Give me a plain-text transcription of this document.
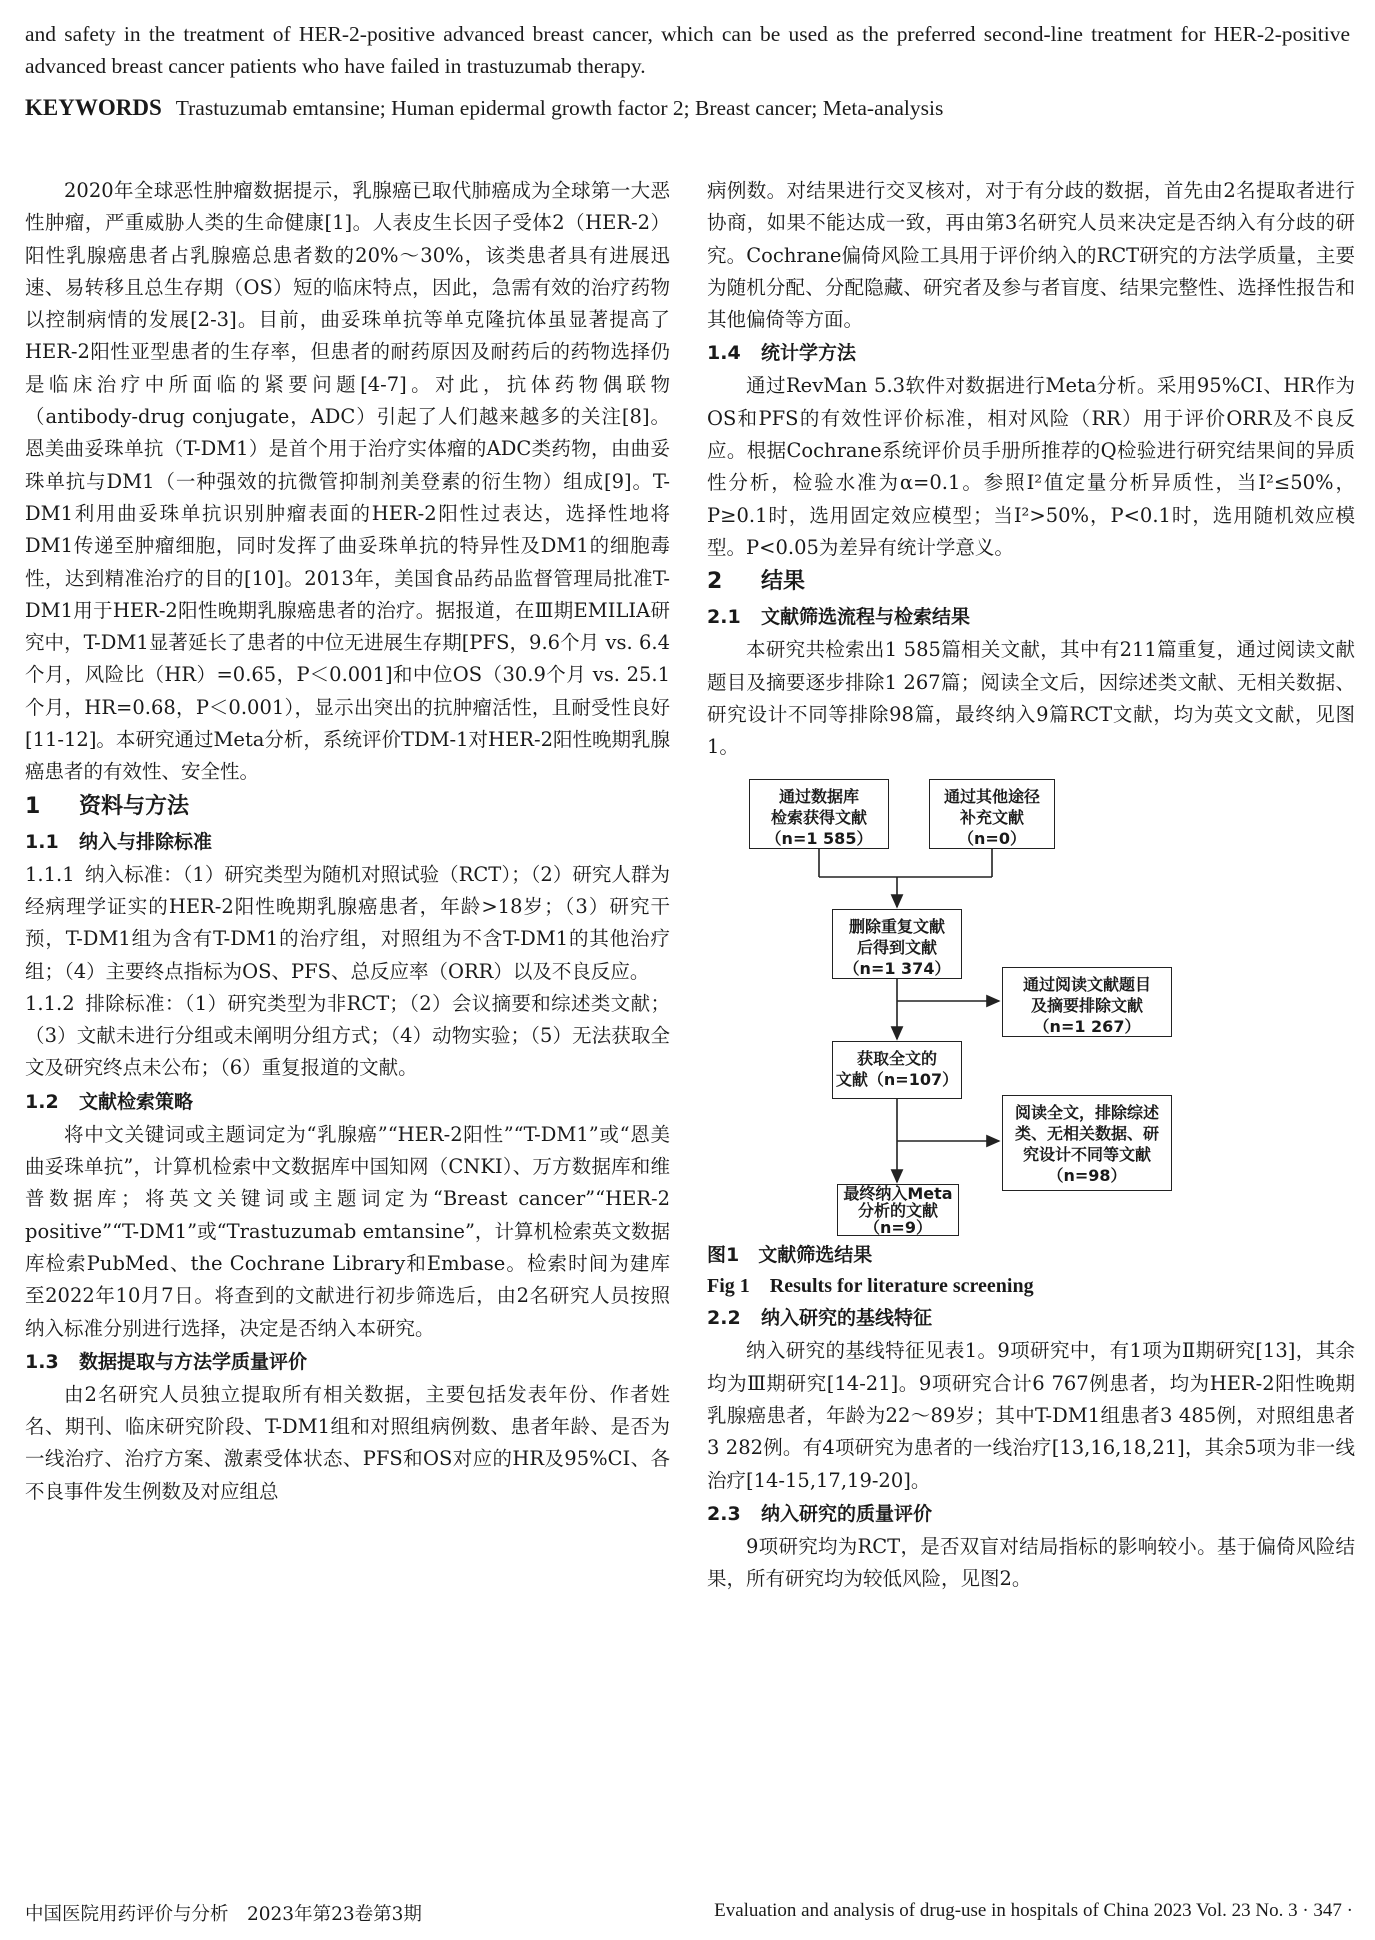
and safety in the treatment of HER-2-positive advanced breast cancer, which can be used as the preferred second-line treatment for HER-2-positive advanced breast cancer patients who have failed in trastuzumab therapy.
KEYWORDS Trastuzumab emtansine; Human epidermal growth factor 2; Breast cancer; Meta-analysis

2020年全球恶性肿瘤数据提示，乳腺癌已取代肺癌成为全球第一大恶性肿瘤，严重威胁人类的生命健康[1]。人表皮生长因子受体2（HER-2）阳性乳腺癌患者占乳腺癌总患者数的20%～30%，该类患者具有进展迅速、易转移且总生存期（OS）短的临床特点，因此，急需有效的治疗药物以控制病情的发展[2-3]。目前，曲妥珠单抗等单克隆抗体虽显著提高了HER-2阳性亚型患者的生存率，但患者的耐药原因及耐药后的药物选择仍是临床治疗中所面临的紧要问题[4-7]。对此，抗体药物偶联物（antibody-drug conjugate，ADC）引起了人们越来越多的关注[8]。恩美曲妥珠单抗（T-DM1）是首个用于治疗实体瘤的ADC类药物，由曲妥珠单抗与DM1（一种强效的抗微管抑制剂美登素的衍生物）组成[9]。T-DM1利用曲妥珠单抗识别肿瘤表面的HER-2阳性过表达，选择性地将DM1传递至肿瘤细胞，同时发挥了曲妥珠单抗的特异性及DM1的细胞毒性，达到精准治疗的目的[10]。2013年，美国食品药品监督管理局批准T-DM1用于HER-2阳性晚期乳腺癌患者的治疗。据报道，在Ⅲ期EMILIA研究中，T-DM1显著延长了患者的中位无进展生存期[PFS，9.6个月 vs. 6.4个月，风险比（HR）=0.65，P＜0.001]和中位OS（30.9个月 vs. 25.1个月，HR=0.68，P＜0.001），显示出突出的抗肿瘤活性，且耐受性良好[11-12]。本研究通过Meta分析，系统评价TDM-1对HER-2阳性晚期乳腺癌患者的有效性、安全性。

1 资料与方法

1.1 纳入与排除标准

1.1.1 纳入标准：（1）研究类型为随机对照试验（RCT）；（2）研究人群为经病理学证实的HER-2阳性晚期乳腺癌患者，年龄>18岁；（3）研究干预，T-DM1组为含有T-DM1的治疗组，对照组为不含T-DM1的其他治疗组；（4）主要终点指标为OS、PFS、总反应率（ORR）以及不良反应。

1.1.2 排除标准：（1）研究类型为非RCT；（2）会议摘要和综述类文献；（3）文献未进行分组或未阐明分组方式；（4）动物实验；（5）无法获取全文及研究终点未公布；（6）重复报道的文献。

1.2 文献检索策略

将中文关键词或主题词定为“乳腺癌”“HER-2阳性”“T-DM1”或“恩美曲妥珠单抗”，计算机检索中文数据库中国知网（CNKI）、万方数据库和维普数据库；将英文关键词或主题词定为“Breast cancer”“HER-2 positive”“T-DM1”或“Trastuzumab emtansine”，计算机检索英文数据库检索PubMed、the Cochrane Library和Embase。检索时间为建库至2022年10月7日。将查到的文献进行初步筛选后，由2名研究人员按照纳入标准分别进行选择，决定是否纳入本研究。

1.3 数据提取与方法学质量评价

由2名研究人员独立提取所有相关数据，主要包括发表年份、作者姓名、期刊、临床研究阶段、T-DM1组和对照组病例数、患者年龄、是否为一线治疗、治疗方案、激素受体状态、PFS和OS对应的HR及95%CI、各不良事件发生例数及对应组总

病例数。对结果进行交叉核对，对于有分歧的数据，首先由2名提取者进行协商，如果不能达成一致，再由第3名研究人员来决定是否纳入有分歧的研究。Cochrane偏倚风险工具用于评价纳入的RCT研究的方法学质量，主要为随机分配、分配隐藏、研究者及参与者盲度、结果完整性、选择性报告和其他偏倚等方面。

1.4 统计学方法

通过RevMan 5.3软件对数据进行Meta分析。采用95%CI、HR作为OS和PFS的有效性评价标准，相对风险（RR）用于评价ORR及不良反应。根据Cochrane系统评价员手册所推荐的Q检验进行研究结果间的异质性分析，检验水准为α=0.1。参照I²值定量分析异质性，当I²≤50%，P≥0.1时，选用固定效应模型；当I²>50%，P<0.1时，选用随机效应模型。P<0.05为差异有统计学意义。

2 结果

2.1 文献筛选流程与检索结果

本研究共检索出1 585篇相关文献，其中有211篇重复，通过阅读文献题目及摘要逐步排除1 267篇；阅读全文后，因综述类文献、无相关数据、研究设计不同等排除98篇，最终纳入9篇RCT文献，均为英文文献，见图1。

通过数据库
检索获得文献
（n=1 585）
通过其他途径
补充文献
（n=0）
删除重复文献
后得到文献
（n=1 374）
通过阅读文献题目
及摘要排除文献
（n=1 267）
获取全文的
文献（n=107）
阅读全文，排除综述
类、无相关数据、研
究设计不同等文献
（n=98）
最终纳入Meta
分析的文献
（n=9）

图1　文献筛选结果

Fig 1　Results for literature screening

2.2 纳入研究的基线特征

纳入研究的基线特征见表1。9项研究中，有1项为Ⅱ期研究[13]，其余均为Ⅲ期研究[14-21]。9项研究合计6 767例患者，均为HER-2阳性晚期乳腺癌患者，年龄为22～89岁；其中T-DM1组患者3 485例，对照组患者3 282例。有4项研究为患者的一线治疗[13,16,18,21]，其余5项为非一线治疗[14-15,17,19-20]。

2.3 纳入研究的质量评价

9项研究均为RCT，是否双盲对结局指标的影响较小。基于偏倚风险结果，所有研究均为较低风险，见图2。

中国医院用药评价与分析　2023年第23卷第3期	Evaluation and analysis of drug-use in hospitals of China 2023 Vol. 23 No. 3 · 347 ·
